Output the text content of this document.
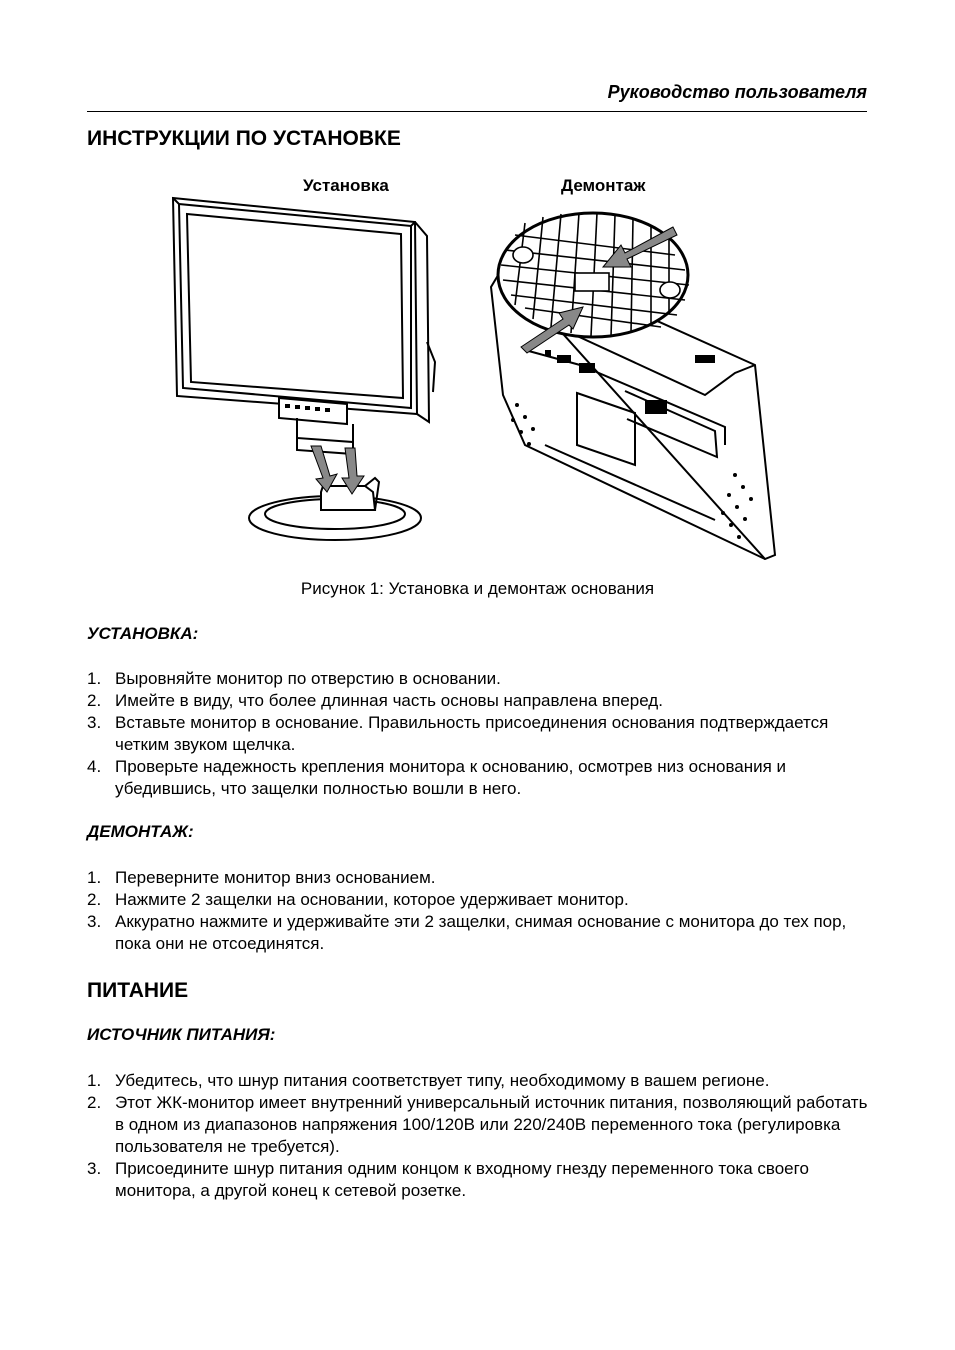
Руководство пользователя
ИНСТРУКЦИИ ПО УСТАНОВКЕ
Установка	Демонтаж
Рисунок 1: Установка и демонтаж основания
УСТАНОВКА:
1. Выровняйте монитор по отверстию в основании.
2. Имейте в виду, что более длинная часть основы направлена вперед.
3. Вставьте монитор в основание. Правильность присоединения основания подтверждается четким звуком щелчка.
4. Проверьте надежность крепления монитора к основанию, осмотрев низ основания и убедившись, что защелки полностью вошли в него.
ДЕМОНТАЖ:
1. Переверните монитор вниз основанием.
2. Нажмите 2 защелки на основании, которое удерживает монитор.
3. Аккуратно нажмите и удерживайте эти 2 защелки, снимая основание с монитора до тех пор, пока они не отсоединятся.
ПИТАНИЕ
ИСТОЧНИК ПИТАНИЯ:
1. Убедитесь, что шнур питания соответствует типу, необходимому в вашем регионе.
2. Этот ЖК-монитор имеет внутренний универсальный источник питания, позволяющий работать в одном из диапазонов напряжения 100/120В или 220/240В переменного тока (регулировка пользователя не требуется).
3. Присоедините шнур питания одним концом к входному гнезду переменного тока своего монитора, а другой конец к сетевой розетке.
